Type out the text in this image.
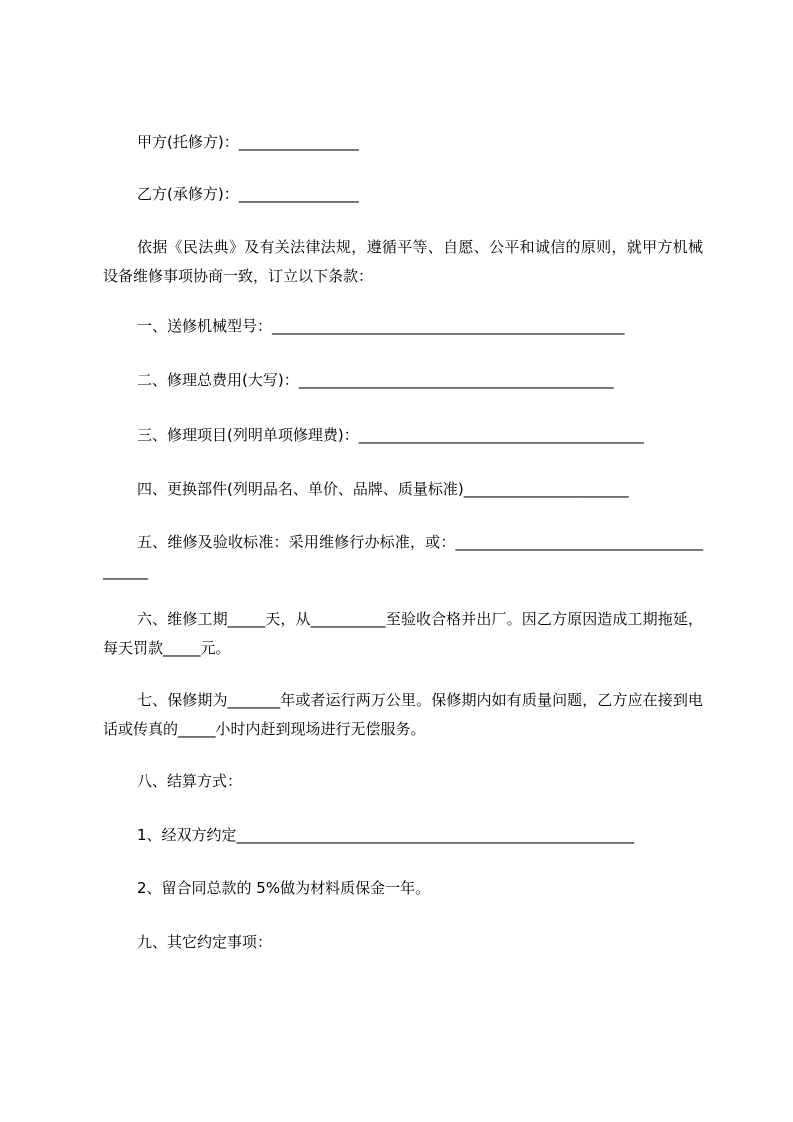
甲方(托修方)：________________

乙方(承修方)：________________

依据《民法典》及有关法律法规，遵循平等、自愿、公平和诚信的原则，就甲方机械设备维修事项协商一致，订立以下条款：

一、送修机械型号：_______________________________________________

二、修理总费用(大写)：__________________________________________

三、修理项目(列明单项修理费)：______________________________________

四、更换部件(列明品名、单价、品牌、质量标准)______________________

五、维修及验收标准：采用维修行办标准，或：_______________________________________

六、维修工期_____天，从__________至验收合格并出厂。因乙方原因造成工期拖延，每天罚款_____元。

七、保修期为_______年或者运行两万公里。保修期内如有质量问题，乙方应在接到电话或传真的_____小时内赶到现场进行无偿服务。

八、结算方式：

1、经双方约定_____________________________________________________

2、留合同总款的 5%做为材料质保金一年。

九、其它约定事项：
